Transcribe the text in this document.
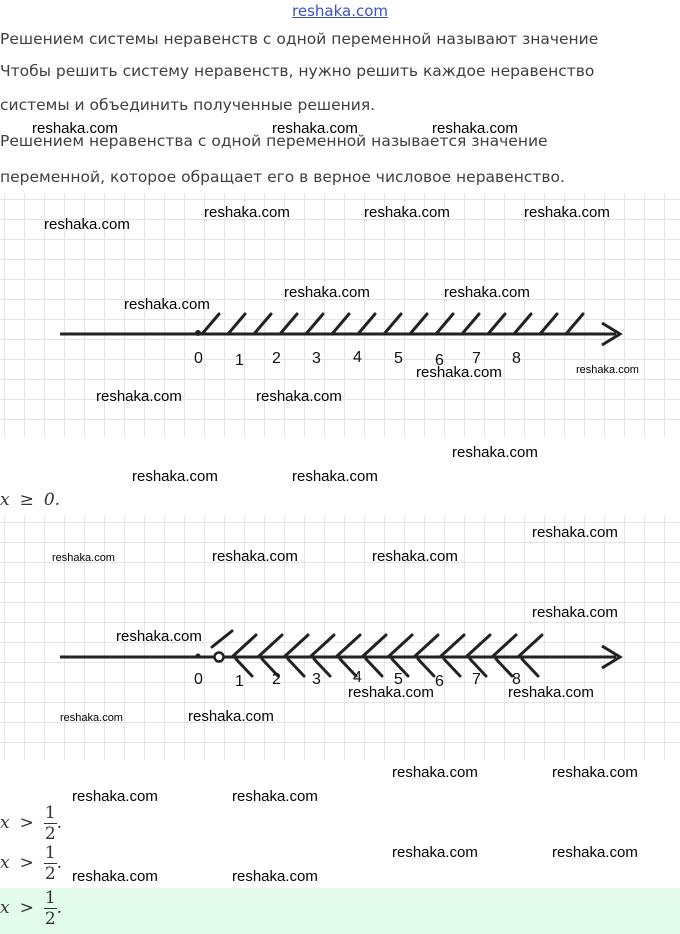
reshaka.com
Решением системы неравенств с одной переменной называют значение
Чтобы решить систему неравенств, нужно решить каждое неравенство
системы и объединить полученные решения.
Решением неравенства с одной переменной называется значение
переменной, которое обращает его в верное числовое неравенство.
0 1 2 3 4 5 6 7 8
x ≥ 0.
0 1 2 3 4 5 6 7 8
$x > \frac{1}{2}$ .
$x > \frac{1}{2}$ .
$x > \frac{1}{2}$ .
reshaka.com	reshaka.com	reshaka.com
reshaka.com
reshaka.com	reshaka.com	reshaka.com
reshaka.com	reshaka.com
reshaka.com
reshaka.com	reshaka.com
reshaka.com	reshaka.com
reshaka.com
reshaka.com	reshaka.com
reshaka.com
reshaka.com	reshaka.com	reshaka.com
reshaka.com
reshaka.com
reshaka.com	reshaka.com
reshaka.com	reshaka.com
reshaka.com	reshaka.com
reshaka.com	reshaka.com
reshaka.com	reshaka.com
reshaka.com	reshaka.com
